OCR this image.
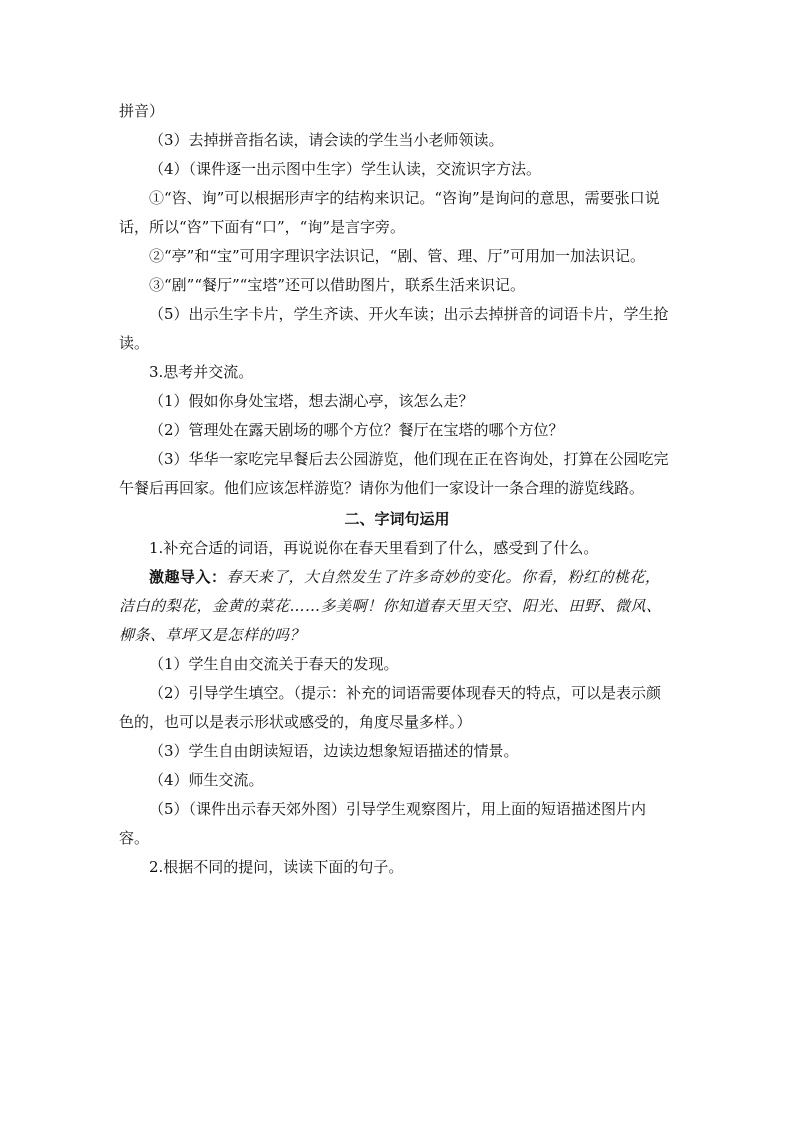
拼音）

（3）去掉拼音指名读，请会读的学生当小老师领读。

（4）（课件逐一出示图中生字）学生认读，交流识字方法。

①“咨、询”可以根据形声字的结构来识记。“咨询”是询问的意思，需要张口说话，所以“咨”下面有“口”，“询”是言字旁。

②“亭”和“宝”可用字理识字法识记，“剧、管、理、厅”可用加一加法识记。

③“剧”“餐厅”“宝塔”还可以借助图片，联系生活来识记。

（5）出示生字卡片，学生齐读、开火车读；出示去掉拼音的词语卡片，学生抢读。

3.思考并交流。

（1）假如你身处宝塔，想去湖心亭，该怎么走？

（2）管理处在露天剧场的哪个方位？餐厅在宝塔的哪个方位？

（3）华华一家吃完早餐后去公园游览，他们现在正在咨询处，打算在公园吃完午餐后再回家。他们应该怎样游览？请你为他们一家设计一条合理的游览线路。

二、字词句运用

1.补充合适的词语，再说说你在春天里看到了什么，感受到了什么。

激趣导入：春天来了，大自然发生了许多奇妙的变化。你看，粉红的桃花，洁白的梨花，金黄的菜花……多美啊！你知道春天里天空、阳光、田野、微风、柳条、草坪又是怎样的吗？

（1）学生自由交流关于春天的发现。

（2）引导学生填空。（提示：补充的词语需要体现春天的特点，可以是表示颜色的，也可以是表示形状或感受的，角度尽量多样。）

（3）学生自由朗读短语，边读边想象短语描述的情景。

（4）师生交流。

（5）（课件出示春天郊外图）引导学生观察图片，用上面的短语描述图片内容。

2.根据不同的提问，读读下面的句子。
